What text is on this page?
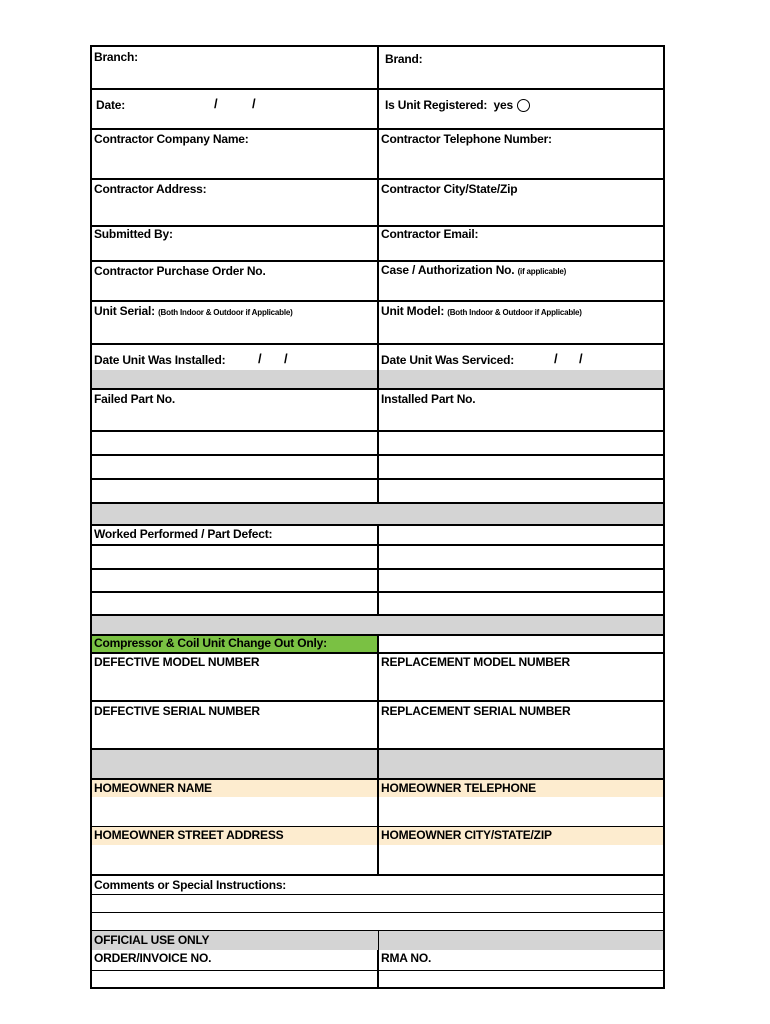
Branch:	Brand:
Date:	/	/	Is Unit Registered: yes
Contractor Company Name:	Contractor Telephone Number:
Contractor Address:	Contractor City/State/Zip
Submitted By:	Contractor Email:
Contractor Purchase Order No.	Case / Authorization No. (if applicable)
Unit Serial: (Both Indoor & Outdoor if Applicable)	Unit Model: (Both Indoor & Outdoor if Applicable)
Date Unit Was Installed:	/ /	Date Unit Was Serviced:	/ /
Failed Part No.	Installed Part No.
Worked Performed / Part Defect:
Compressor & Coil Unit Change Out Only:
DEFECTIVE MODEL NUMBER	REPLACEMENT MODEL NUMBER
DEFECTIVE SERIAL NUMBER	REPLACEMENT SERIAL NUMBER
HOMEOWNER NAME	HOMEOWNER TELEPHONE
HOMEOWNER STREET ADDRESS	HOMEOWNER CITY/STATE/ZIP
Comments or Special Instructions:
OFFICIAL USE ONLY
ORDER/INVOICE NO.	RMA NO.
